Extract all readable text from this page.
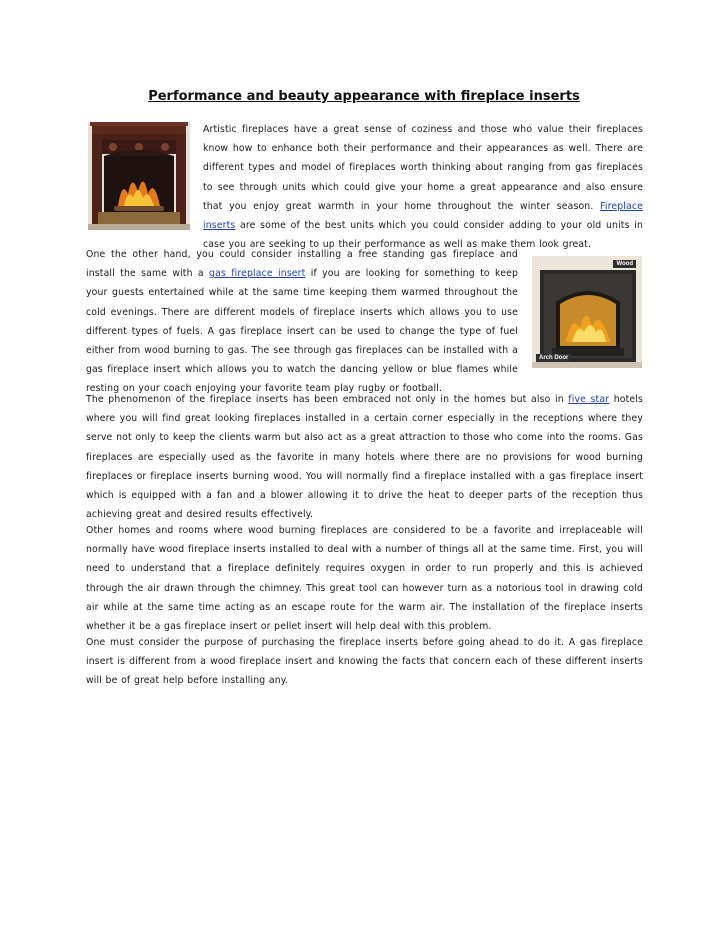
Performance and beauty appearance with fireplace inserts
Artistic fireplaces have a great sense of coziness and those who value their fireplaces know how to enhance both their performance and their appearances as well. There are different types and model of fireplaces worth thinking about ranging from gas fireplaces to see through units which could give your home a great appearance and also ensure that you enjoy great warmth in your home throughout the winter season. Fireplace inserts are some of the best units which you could consider adding to your old units in case you are seeking to up their performance as well as make them look great.
One the other hand, you could consider installing a free standing gas fireplace and install the same with a gas fireplace insert if you are looking for something to keep your guests entertained while at the same time keeping them warmed throughout the cold evenings. There are different models of fireplace inserts which allows you to use different types of fuels. A gas fireplace insert can be used to change the type of fuel either from wood burning to gas. The see through gas fireplaces can be installed with a gas fireplace insert which allows you to watch the dancing yellow or blue flames while resting on your coach enjoying your favorite team play rugby or football.
Wood
Arch Door
The phenomenon of the fireplace inserts has been embraced not only in the homes but also in five star hotels where you will find great looking fireplaces installed in a certain corner especially in the receptions where they serve not only to keep the clients warm but also act as a great attraction to those who come into the rooms. Gas fireplaces are especially used as the favorite in many hotels where there are no provisions for wood burning fireplaces or fireplace inserts burning wood. You will normally find a fireplace installed with a gas fireplace insert which is equipped with a fan and a blower allowing it to drive the heat to deeper parts of the reception thus achieving great and desired results effectively.
Other homes and rooms where wood burning fireplaces are considered to be a favorite and irreplaceable will normally have wood fireplace inserts installed to deal with a number of things all at the same time. First, you will need to understand that a fireplace definitely requires oxygen in order to run properly and this is achieved through the air drawn through the chimney. This great tool can however turn as a notorious tool in drawing cold air while at the same time acting as an escape route for the warm air. The installation of the fireplace inserts whether it be a gas fireplace insert or pellet insert will help deal with this problem.
One must consider the purpose of purchasing the fireplace inserts before going ahead to do it. A gas fireplace insert is different from a wood fireplace insert and knowing the facts that concern each of these different inserts will be of great help before installing any.
